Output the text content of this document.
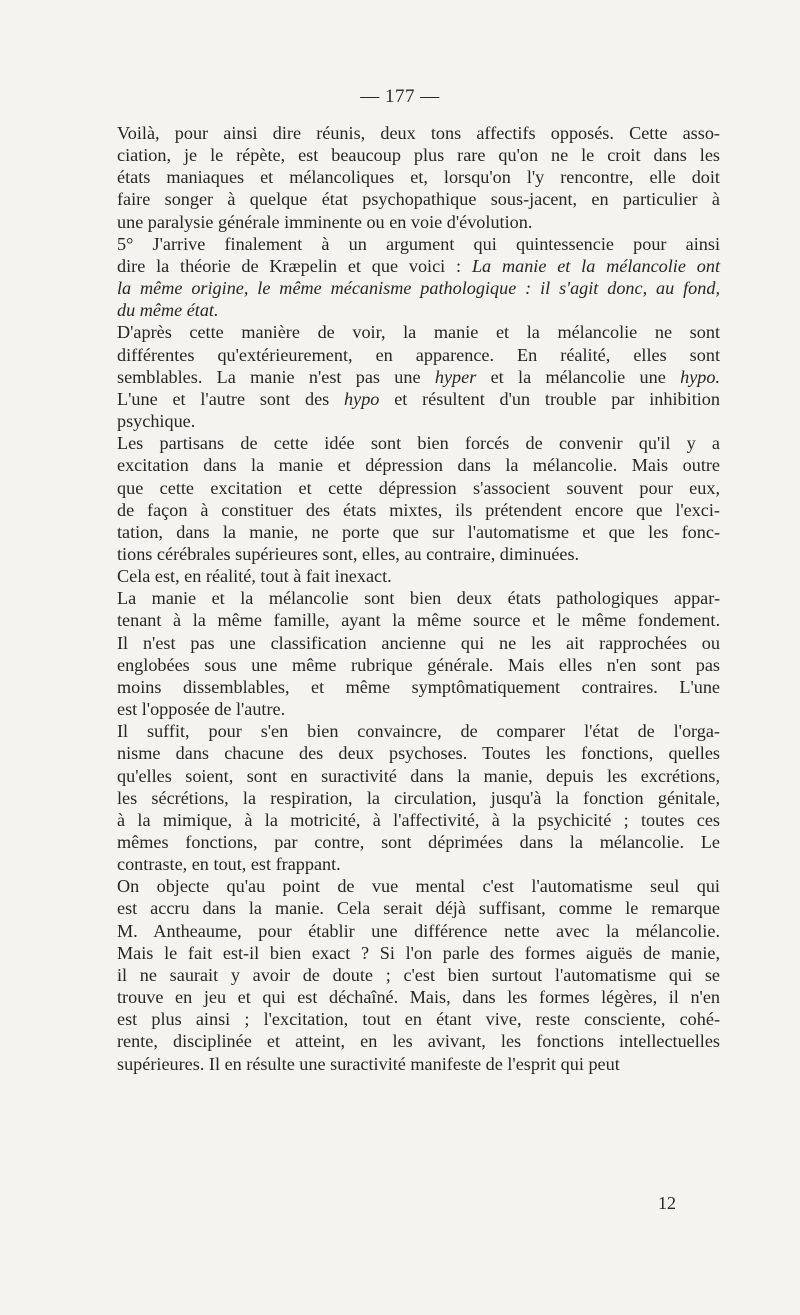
— 177 —

Voilà, pour ainsi dire réunis, deux tons affectifs opposés. Cette asso-
ciation, je le répète, est beaucoup plus rare qu'on ne le croit dans les
états maniaques et mélancoliques et, lorsqu'on l'y rencontre, elle doit
faire songer à quelque état psychopathique sous-jacent, en particulier à
une paralysie générale imminente ou en voie d'évolution.

5° J'arrive finalement à un argument qui quintessencie pour ainsi
dire la théorie de Kræpelin et que voici : La manie et la mélancolie ont
la même origine, le même mécanisme pathologique : il s'agit donc, au fond,
du même état.

D'après cette manière de voir, la manie et la mélancolie ne sont
différentes qu'extérieurement, en apparence. En réalité, elles sont
semblables. La manie n'est pas une hyper et la mélancolie une hypo.
L'une et l'autre sont des hypo et résultent d'un trouble par inhibition
psychique.

Les partisans de cette idée sont bien forcés de convenir qu'il y a
excitation dans la manie et dépression dans la mélancolie. Mais outre
que cette excitation et cette dépression s'associent souvent pour eux,
de façon à constituer des états mixtes, ils prétendent encore que l'exci-
tation, dans la manie, ne porte que sur l'automatisme et que les fonc-
tions cérébrales supérieures sont, elles, au contraire, diminuées.

Cela est, en réalité, tout à fait inexact.

La manie et la mélancolie sont bien deux états pathologiques appar-
tenant à la même famille, ayant la même source et le même fondement.
Il n'est pas une classification ancienne qui ne les ait rapprochées ou
englobées sous une même rubrique générale. Mais elles n'en sont pas
moins dissemblables, et même symptômatiquement contraires. L'une
est l'opposée de l'autre.

Il suffit, pour s'en bien convaincre, de comparer l'état de l'orga-
nisme dans chacune des deux psychoses. Toutes les fonctions, quelles
qu'elles soient, sont en suractivité dans la manie, depuis les excrétions,
les sécrétions, la respiration, la circulation, jusqu'à la fonction génitale,
à la mimique, à la motricité, à l'affectivité, à la psychicité ; toutes ces
mêmes fonctions, par contre, sont déprimées dans la mélancolie. Le
contraste, en tout, est frappant.

On objecte qu'au point de vue mental c'est l'automatisme seul qui
est accru dans la manie. Cela serait déjà suffisant, comme le remarque
M. Antheaume, pour établir une différence nette avec la mélancolie.
Mais le fait est-il bien exact ? Si l'on parle des formes aiguës de manie,
il ne saurait y avoir de doute ; c'est bien surtout l'automatisme qui se
trouve en jeu et qui est déchaîné. Mais, dans les formes légères, il n'en
est plus ainsi ; l'excitation, tout en étant vive, reste consciente, cohé-
rente, disciplinée et atteint, en les avivant, les fonctions intellectuelles
supérieures. Il en résulte une suractivité manifeste de l'esprit qui peut

12
